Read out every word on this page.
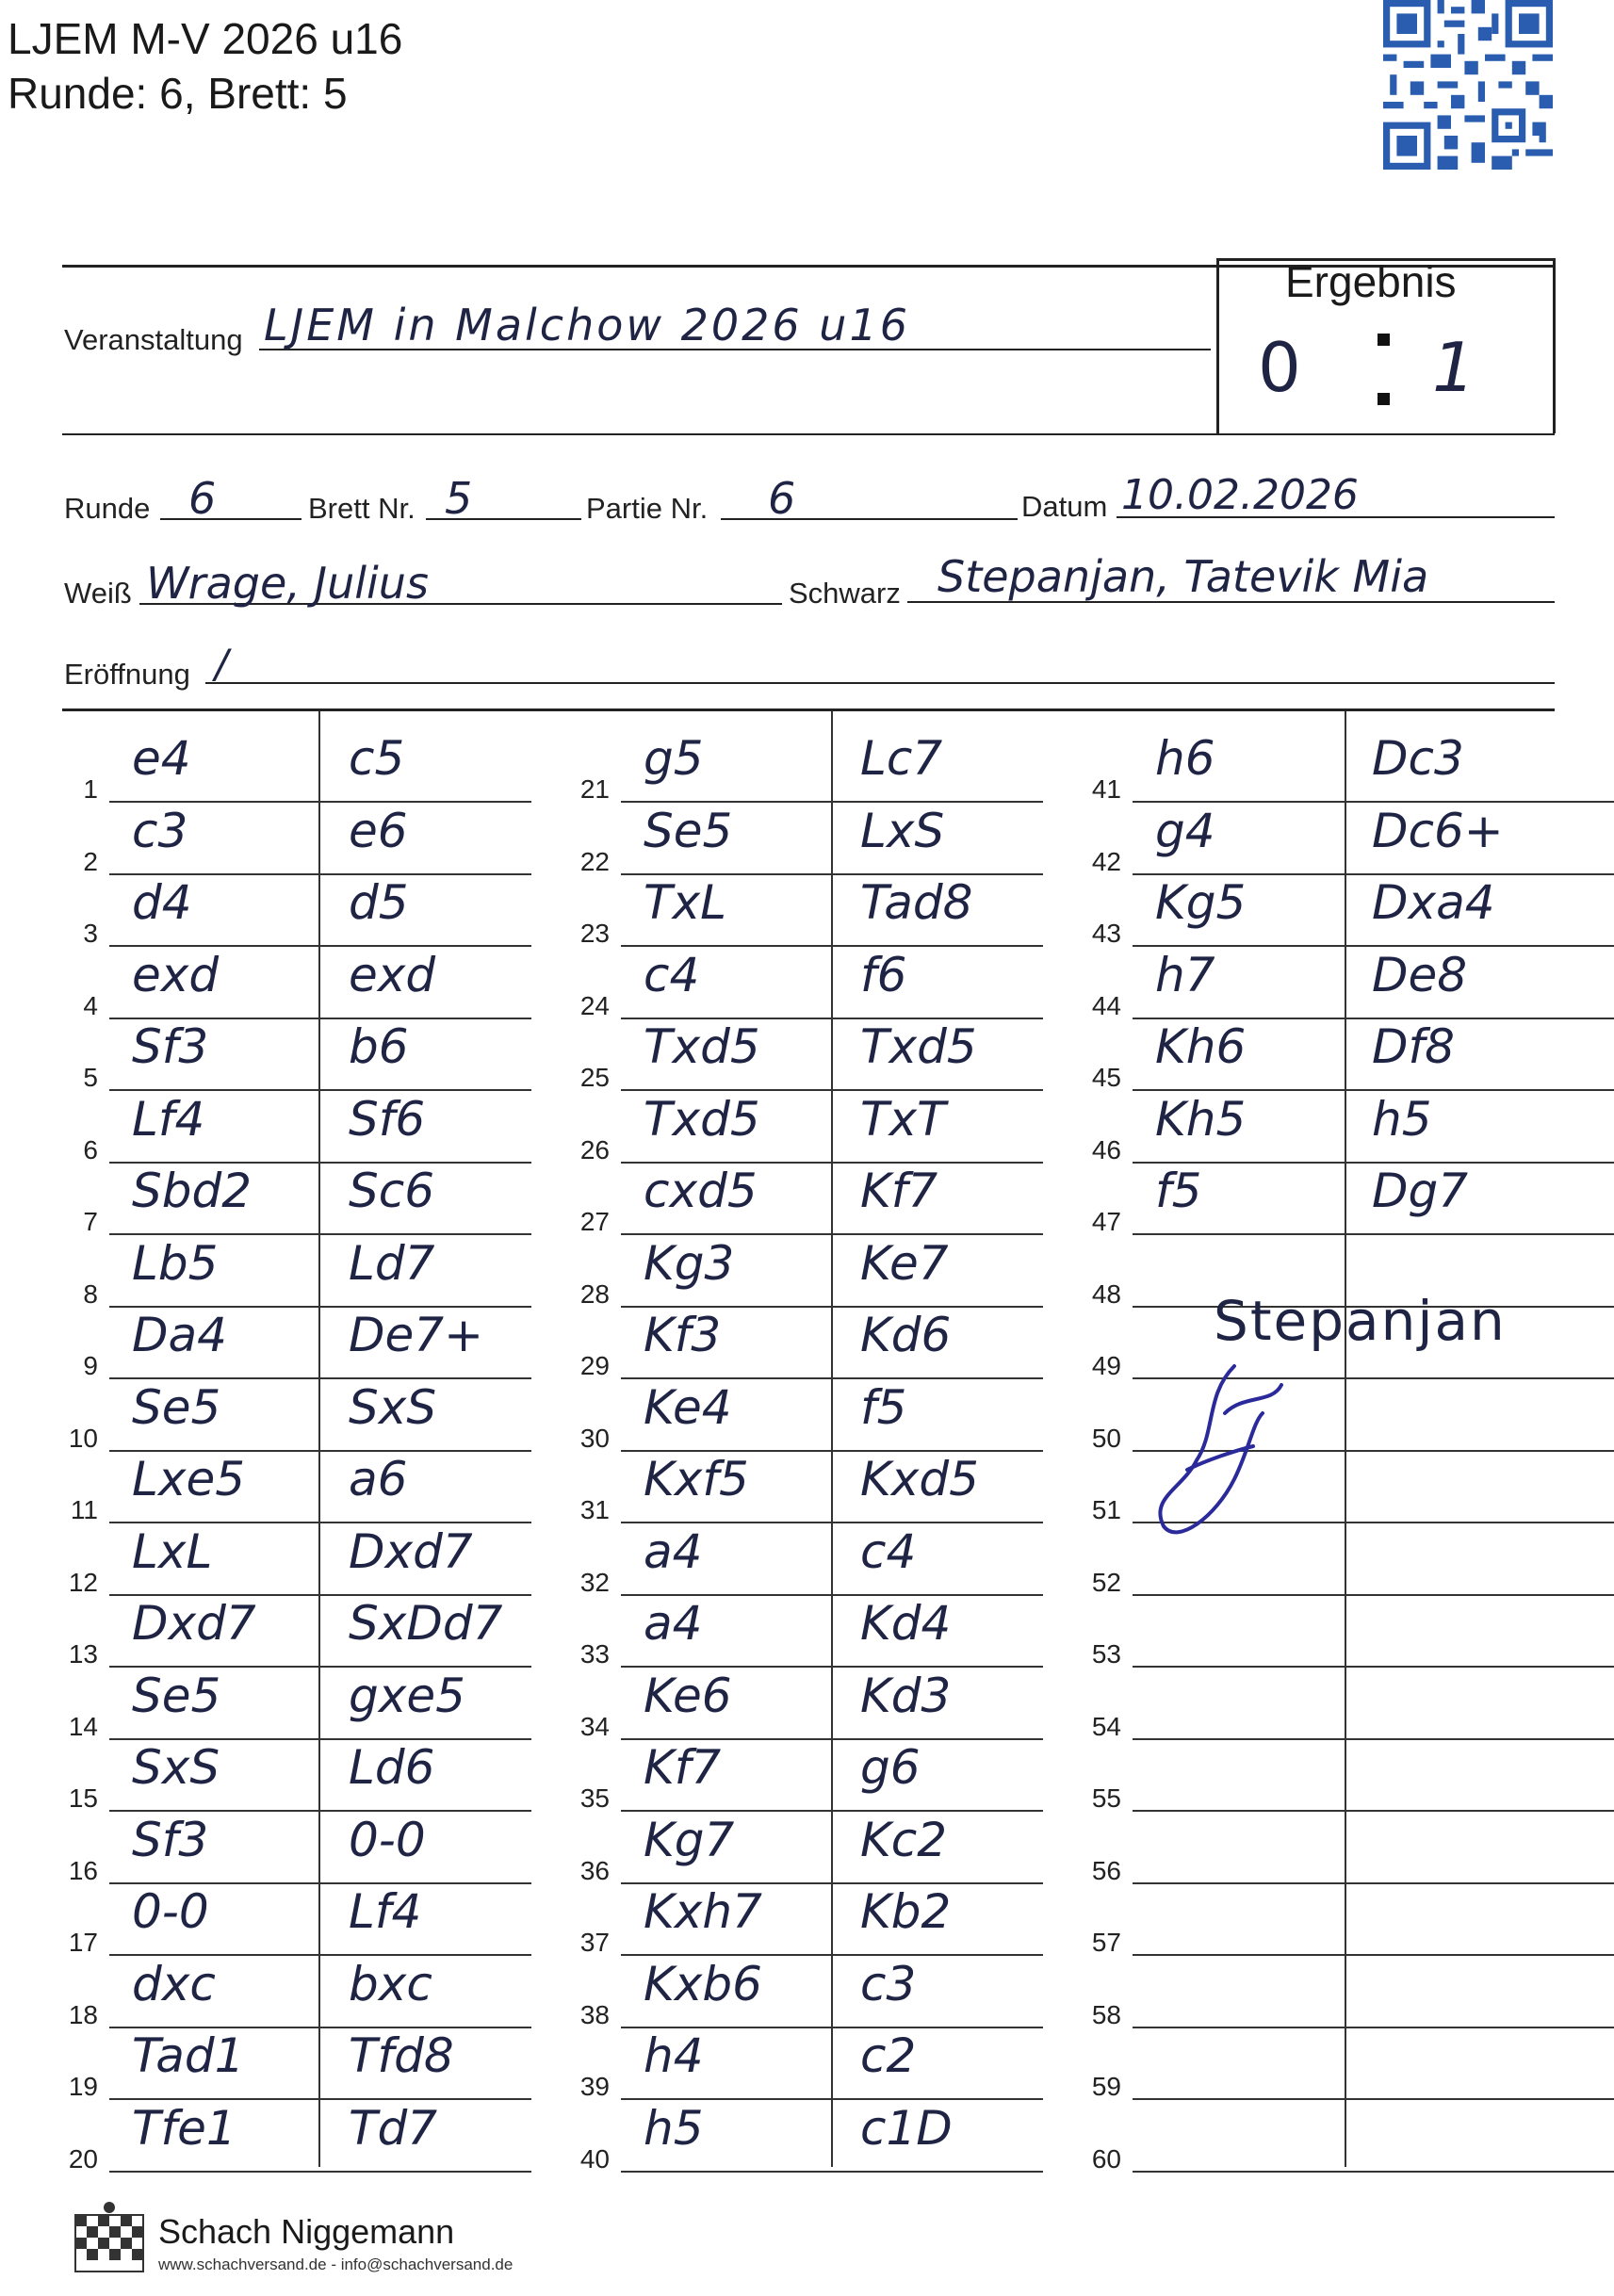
LJEM M-V 2026 u16
Runde: 6, Brett: 5
Veranstaltung LJEM in Malchow 2026 u16
Ergebnis
0 1
Runde 6	Brett Nr. 5	Partie Nr. 6	Datum 10.02.2026
Weiß Wrage, Julius	Schwarz Stepanjan, Tatevik Mia
Eröffnung /
1
e4	c5
2
c3	e6
3
d4	d5
4
exd	exd
5
Sf3	b6
6
Lf4	Sf6
7
Sbd2 Sc6
8
Lb5	Ld7
9
Da4	De7+
10
Se5	SxS
11
Lxe5 a6
12
LxL	Dxd7
13
Dxd7 SxDd7
14
Se5	gxe5
15
SxS	Ld6
16
Sf3	0-0
17
0-0	Lf4
18
dxc	bxc
19
Tad1 Tfd8
20
Tfe1 Td7
21
g5	Lc7
22
Se5	LxS
23
TxL	Tad8
24
c4	f6
25
Txd5 Txd5
26
Txd5 TxT
27
cxd5 Kf7
28
Kg3	Ke7
29
Kf3	Kd6
30
Ke4	f5
31
Kxf5 Kxd5
32
a4	c4
33
a4	Kd4
34
Ke6	Kd3
35
Kf7	g6
36
Kg7	Kc2
37
Kxh7 Kb2
38
Kxb6 c3
39
h4	c2
40
h5	c1D
41
h6	Dc3
42
g4	Dc6+
43
Kg5	Dxa4
44
h7	De8
45
Kh6	Df8
46
Kh5	h5
47
f5	Dg7
48
49
50
51
52
53
54
55
56
57
58
59
60
Stepanjan
Schach Niggemann
www.schachversand.de - info@schachversand.de
